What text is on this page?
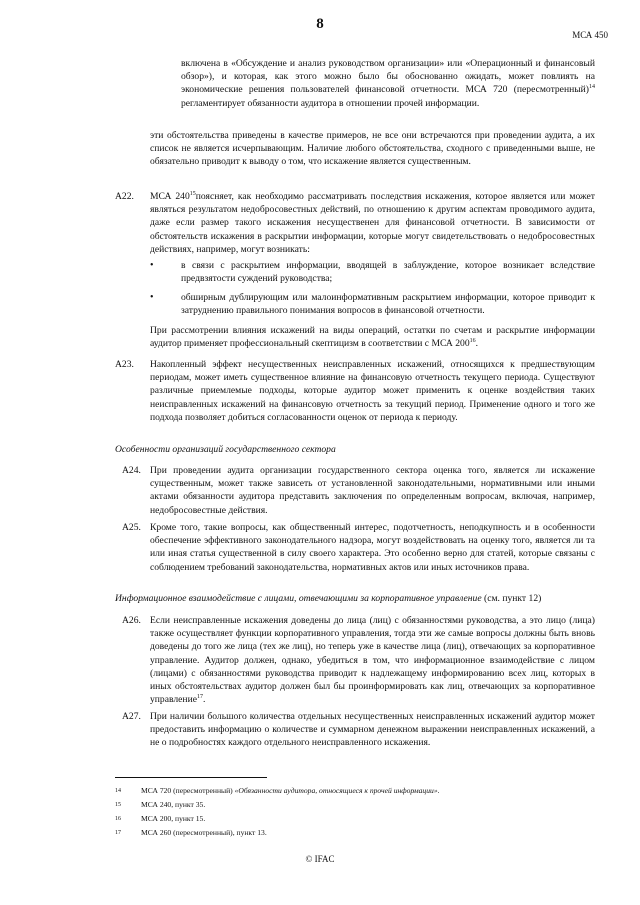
8
МСА 450
включена в «Обсуждение и анализ руководством организации» или «Операционный и финансовый обзор»), и которая, как этого можно было бы обоснованно ожидать, может повлиять на экономические решения пользователей финансовой отчетности. МСА 720 (пересмотренный)$^{14}$ регламентирует обязанности аудитора в отношении прочей информации.
эти обстоятельства приведены в качестве примеров, не все они встречаются при проведении аудита, а их список не является исчерпывающим. Наличие любого обстоятельства, сходного с приведенными выше, не обязательно приводит к выводу о том, что искажение является существенным.
A22. МСА $240^{15}поясняет$, как необходимо рассматривать последствия искажения, которое является или может являться результатом недобросовестных действий, по отношению к другим аспектам проводимого аудита, даже если размер такого искажения несущественен для финансовой отчетности. В зависимости от обстоятельств искажения в раскрытии информации, которые могут свидетельствовать о недобросовестных действиях, например, могут возникать:
•	в связи с раскрытием информации, вводящей в заблуждение, которое возникает вследствие предвзятости суждений руководства;
•	обширным дублирующим или малоинформативным раскрытием информации, которое приводит к затруднению правильного понимания вопросов в финансовой отчетности.
При рассмотрении влияния искажений на виды операций, остатки по счетам и раскрытие информации аудитор применяет профессиональный скептицизм в соответствии с МСА $200^{16}$.
A23. Накопленный эффект несущественных неисправленных искажений, относящихся к предшествующим периодам, может иметь существенное влияние на финансовую отчетность текущего периода. Существуют различные приемлемые подходы, которые аудитор может применить к оценке воздействия таких неисправленных искажений на финансовую отчетность за текущий период. Применение одного и того же подхода позволяет добиться согласованности оценок от периода к периоду.
Особенности организаций государственного сектора
A24. При проведении аудита организации государственного сектора оценка того, является ли искажение существенным, может также зависеть от установленной законодательными, нормативными или иными актами обязанности аудитора представить заключения по определенным вопросам, включая, например, недобросовестные действия.
A25. Кроме того, такие вопросы, как общественный интерес, подотчетность, неподкупность и в особенности обеспечение эффективного законодательного надзора, могут воздействовать на оценку того, является ли та или иная статья существенной в силу своего характера. Это особенно верно для статей, которые связаны с соблюдением требований законодательства, нормативных актов или иных источников права.
Информационное взаимодействие с лицами, отвечающими за корпоративное управление (см. пункт 12)
A26. Если неисправленные искажения доведены до лица (лиц) с обязанностями руководства, а это лицо (лица) также осуществляет функции корпоративного управления, тогда эти же самые вопросы должны быть вновь доведены до того же лица (тех же лиц), но теперь уже в качестве лица (лиц), отвечающих за корпоративное управление. Аудитор должен, однако, убедиться в том, что информационное взаимодействие с лицом (лицами) с обязанностями руководства приводит к надлежащему информированию всех лиц, которых в иных обстоятельствах аудитор должен был бы проинформировать как лиц, отвечающих за корпоративное управление$^{17}$.
A27. При наличии большого количества отдельных несущественных неисправленных искажений аудитор может предоставить информацию о количестве и суммарном денежном выражении неисправленных искажений, а не о подробностях каждого отдельного неисправленного искажения.
14	МСА 720 (пересмотренный) «Обязанности аудитора, относящиеся к прочей информации».
15	МСА 240, пункт 35.
16	МСА 200, пункт 15.
17	МСА 260 (пересмотренный), пункт 13.
© IFAC
